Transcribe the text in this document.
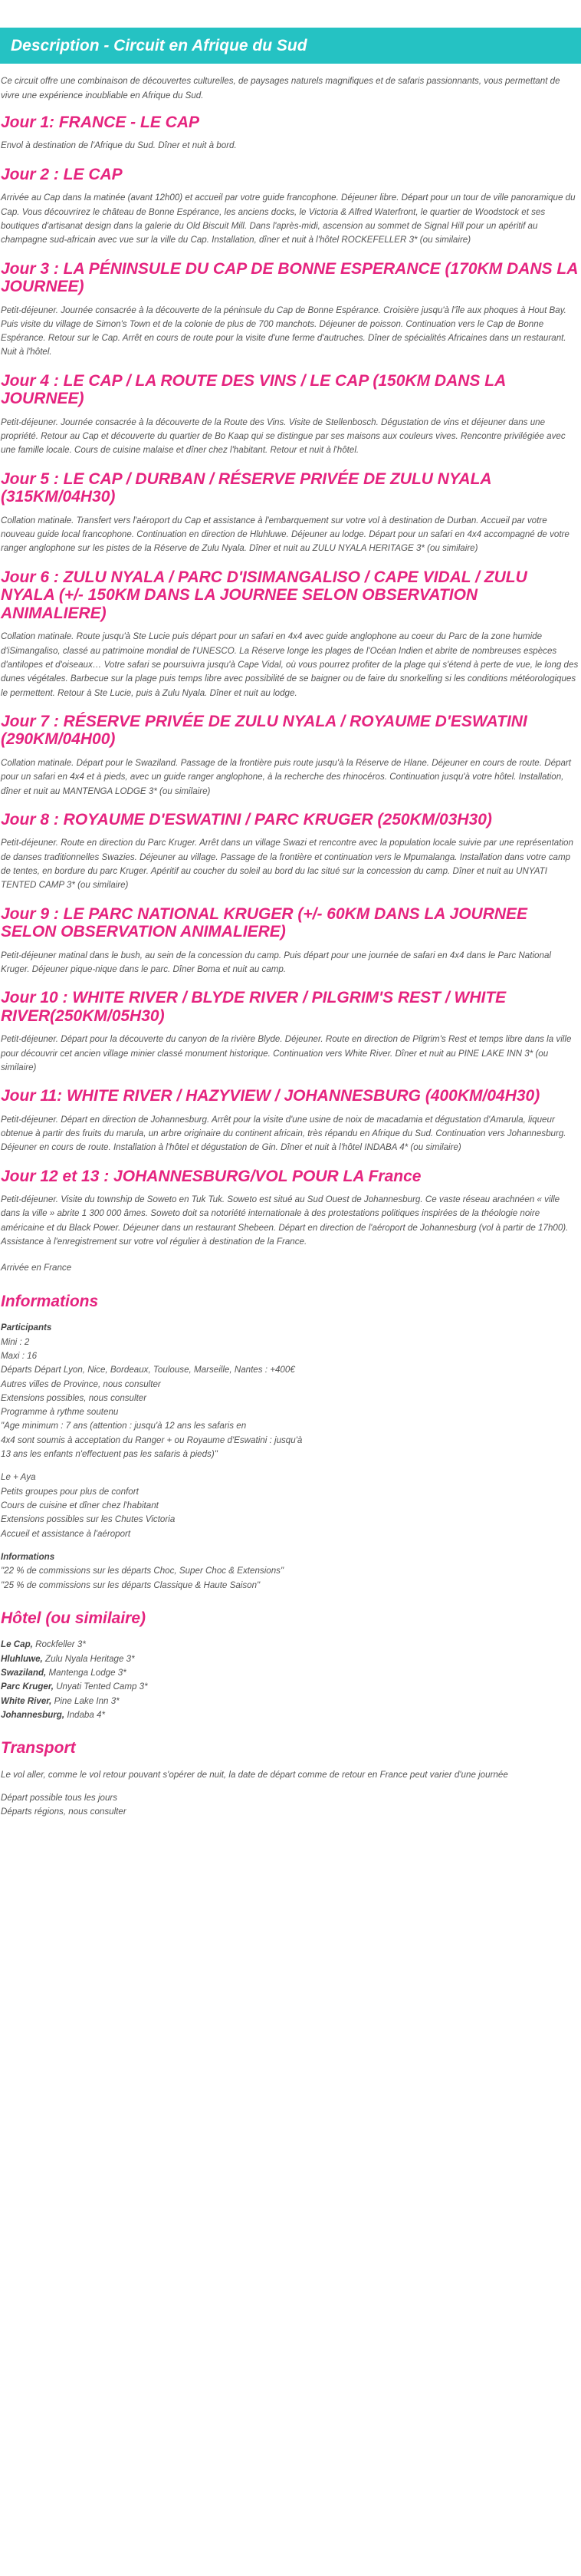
Description - Circuit en Afrique du Sud

Ce circuit offre une combinaison de découvertes culturelles, de paysages naturels magnifiques et de safaris passionnants, vous permettant de vivre une expérience inoubliable en Afrique du Sud.

Jour 1: FRANCE - LE CAP

Envol à destination de l'Afrique du Sud. Dîner et nuit à bord.

Jour 2 : LE CAP

Arrivée au Cap dans la matinée (avant 12h00) et accueil par votre guide francophone. Déjeuner libre. Départ pour un tour de ville panoramique du Cap. Vous découvrirez le château de Bonne Espérance, les anciens docks, le Victoria & Alfred Waterfront, le quartier de Woodstock et ses boutiques d'artisanat design dans la galerie du Old Biscuit Mill. Dans l'après-midi, ascension au sommet de Signal Hill pour un apéritif au champagne sud-africain avec vue sur la ville du Cap. Installation, dîner et nuit à l'hôtel ROCKEFELLER 3* (ou similaire)

Jour 3 : LA PÉNINSULE DU CAP DE BONNE ESPERANCE (170KM DANS LA JOURNEE)

Petit-déjeuner. Journée consacrée à la découverte de la péninsule du Cap de Bonne Espérance. Croisière jusqu'à l'île aux phoques à Hout Bay. Puis visite du village de Simon's Town et de la colonie de plus de 700 manchots. Déjeuner de poisson. Continuation vers le Cap de Bonne Espérance. Retour sur le Cap. Arrêt en cours de route pour la visite d'une ferme d'autruches. Dîner de spécialités Africaines dans un restaurant. Nuit à l'hôtel.

Jour 4 : LE CAP / LA ROUTE DES VINS / LE CAP (150KM DANS LA JOURNEE)

Petit-déjeuner. Journée consacrée à la découverte de la Route des Vins. Visite de Stellenbosch. Dégustation de vins et déjeuner dans une propriété. Retour au Cap et découverte du quartier de Bo Kaap qui se distingue par ses maisons aux couleurs vives. Rencontre privilégiée avec une famille locale. Cours de cuisine malaise et dîner chez l'habitant. Retour et nuit à l'hôtel.

Jour 5 : LE CAP / DURBAN / RÉSERVE PRIVÉE DE ZULU NYALA (315KM/04H30)

Collation matinale. Transfert vers l'aéroport du Cap et assistance à l'embarquement sur votre vol à destination de Durban. Accueil par votre nouveau guide local francophone. Continuation en direction de Hluhluwe. Déjeuner au lodge. Départ pour un safari en 4x4 accompagné de votre ranger anglophone sur les pistes de la Réserve de Zulu Nyala. Dîner et nuit au ZULU NYALA HERITAGE 3* (ou similaire)

Jour 6 : ZULU NYALA / PARC D'ISIMANGALISO / CAPE VIDAL / ZULU NYALA (+/- 150KM DANS LA JOURNEE SELON OBSERVATION ANIMALIERE)

Collation matinale. Route jusqu'à Ste Lucie puis départ pour un safari en 4x4 avec guide anglophone au coeur du Parc de la zone humide d'iSimangaliso, classé au patrimoine mondial de l'UNESCO. La Réserve longe les plages de l'Océan Indien et abrite de nombreuses espèces d'antilopes et d'oiseaux… Votre safari se poursuivra jusqu'à Cape Vidal, où vous pourrez profiter de la plage qui s'étend à perte de vue, le long des dunes végétales. Barbecue sur la plage puis temps libre avec possibilité de se baigner ou de faire du snorkelling si les conditions météorologiques le permettent. Retour à Ste Lucie, puis à Zulu Nyala. Dîner et nuit au lodge.

Jour 7 : RÉSERVE PRIVÉE DE ZULU NYALA / ROYAUME D'ESWATINI (290KM/04H00)

Collation matinale. Départ pour le Swaziland. Passage de la frontière puis route jusqu'à la Réserve de Hlane. Déjeuner en cours de route. Départ pour un safari en 4x4 et à pieds, avec un guide ranger anglophone, à la recherche des rhinocéros. Continuation jusqu'à votre hôtel. Installation, dîner et nuit au MANTENGA LODGE 3* (ou similaire)

Jour 8 : ROYAUME D'ESWATINI / PARC KRUGER (250KM/03H30)

Petit-déjeuner. Route en direction du Parc Kruger. Arrêt dans un village Swazi et rencontre avec la population locale suivie par une représentation de danses traditionnelles Swazies. Déjeuner au village. Passage de la frontière et continuation vers le Mpumalanga. Installation dans votre camp de tentes, en bordure du parc Kruger. Apéritif au coucher du soleil au bord du lac situé sur la concession du camp. Dîner et nuit au UNYATI TENTED CAMP 3* (ou similaire)

Jour 9 : LE PARC NATIONAL KRUGER (+/- 60KM DANS LA JOURNEE SELON OBSERVATION ANIMALIERE)

Petit-déjeuner matinal dans le bush, au sein de la concession du camp. Puis départ pour une journée de safari en 4x4 dans le Parc National Kruger. Déjeuner pique-nique dans le parc. Dîner Boma et nuit au camp.

Jour 10 : WHITE RIVER / BLYDE RIVER / PILGRIM'S REST / WHITE RIVER(250KM/05H30)

Petit-déjeuner. Départ pour la découverte du canyon de la rivière Blyde. Déjeuner. Route en direction de Pilgrim's Rest et temps libre dans la ville pour découvrir cet ancien village minier classé monument historique. Continuation vers White River. Dîner et nuit au PINE LAKE INN 3* (ou similaire)

Jour 11: WHITE RIVER / HAZYVIEW / JOHANNESBURG (400KM/04H30)

Petit-déjeuner. Départ en direction de Johannesburg. Arrêt pour la visite d'une usine de noix de macadamia et dégustation d'Amarula, liqueur obtenue à partir des fruits du marula, un arbre originaire du continent africain, très répandu en Afrique du Sud. Continuation vers Johannesburg. Déjeuner en cours de route. Installation à l'hôtel et dégustation de Gin. Dîner et nuit à l'hôtel INDABA 4* (ou similaire)

Jour 12 et 13 : JOHANNESBURG/VOL POUR LA France

Petit-déjeuner. Visite du township de Soweto en Tuk Tuk. Soweto est situé au Sud Ouest de Johannesburg. Ce vaste réseau arachnéen « ville dans la ville » abrite 1 300 000 âmes. Soweto doit sa notoriété internationale à des protestations politiques inspirées de la théologie noire américaine et du Black Power. Déjeuner dans un restaurant Shebeen. Départ en direction de l'aéroport de Johannesburg (vol à partir de 17h00). Assistance à l'enregistrement sur votre vol régulier à destination de la France.

Arrivée en France

Informations
Participants
Mini : 2
Maxi : 16
Départs Départ Lyon, Nice, Bordeaux, Toulouse, Marseille, Nantes : +400€
Autres villes de Province, nous consulter
Extensions possibles, nous consulter
Programme à rythme soutenu
"Age minimum : 7 ans (attention : jusqu'à 12 ans les safaris en
4x4 sont soumis à acceptation du Ranger + ou Royaume d'Eswatini : jusqu'à
13 ans les enfants n'effectuent pas les safaris à pieds)"
Le + Aya
Petits groupes pour plus de confort
Cours de cuisine et dîner chez l'habitant
Extensions possibles sur les Chutes Victoria
Accueil et assistance à l'aéroport
Informations
"22 % de commissions sur les départs Choc, Super Choc & Extensions"
"25 % de commissions sur les départs Classique & Haute Saison"
Hôtel (ou similaire)
Le Cap, Rockfeller 3*
Hluhluwe, Zulu Nyala Heritage 3*
Swaziland, Mantenga Lodge 3*
Parc Kruger, Unyati Tented Camp 3*
White River, Pine Lake Inn 3*
Johannesburg, Indaba 4*
Transport

Le vol aller, comme le vol retour pouvant s'opérer de nuit, la date de départ comme de retour en France peut varier d'une journée

Départ possible tous les jours
Départs régions, nous consulter
